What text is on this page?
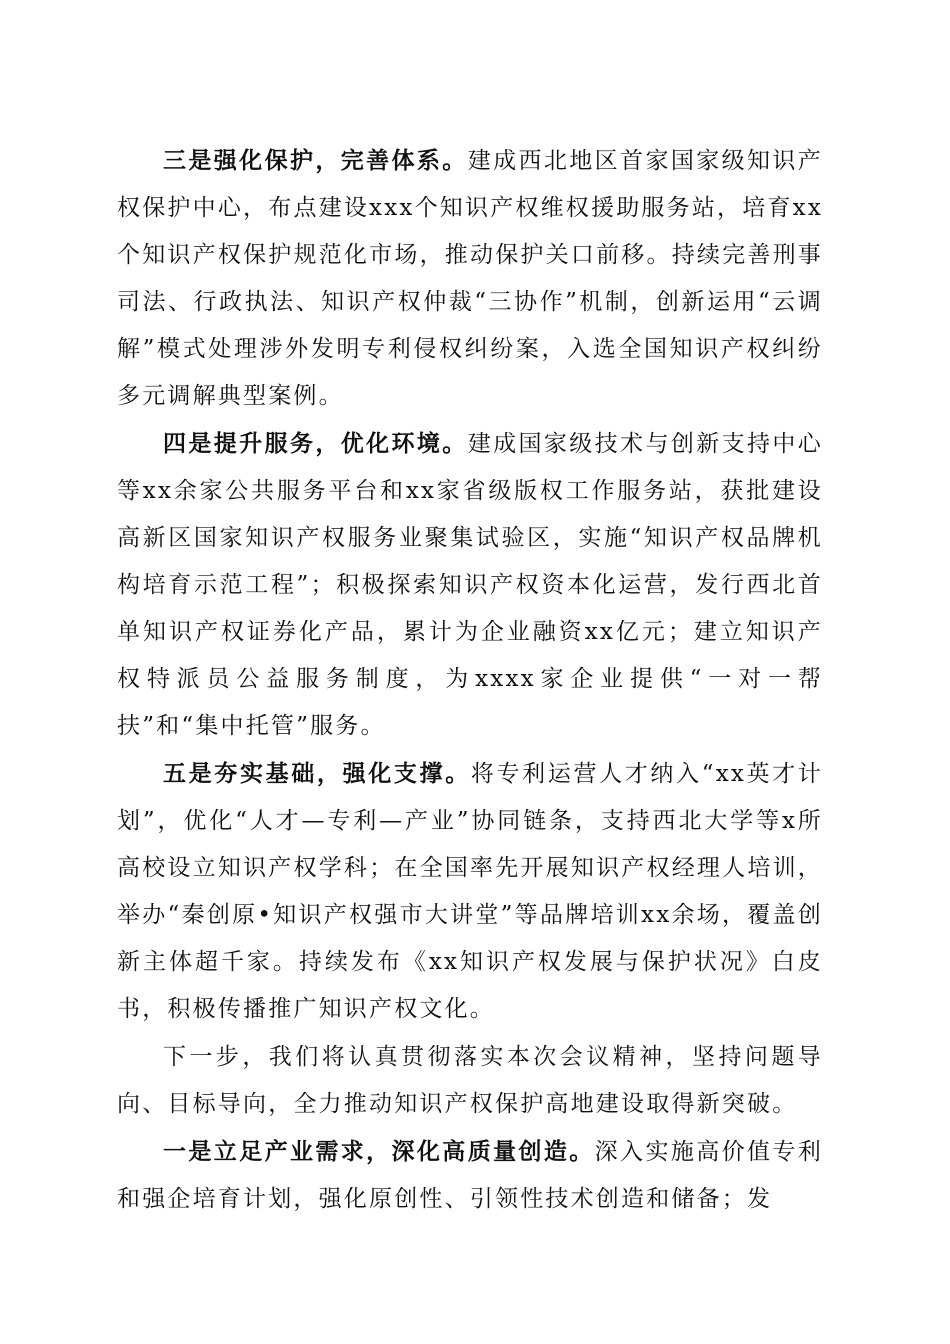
三是强化保护，完善体系。建成西北地区首家国家级知识产权保护中心，布点建设xxx个知识产权维权援助服务站，培育xx个知识产权保护规范化市场，推动保护关口前移。持续完善刑事司法、行政执法、知识产权仲裁“三协作”机制，创新运用“云调解”模式处理涉外发明专利侵权纠纷案，入选全国知识产权纠纷多元调解典型案例。

四是提升服务，优化环境。建成国家级技术与创新支持中心等xx余家公共服务平台和xx家省级版权工作服务站，获批建设高新区国家知识产权服务业聚集试验区，实施“知识产权品牌机构培育示范工程”；积极探索知识产权资本化运营，发行西北首单知识产权证券化产品，累计为企业融资xx亿元；建立知识产权特派员公益服务制度，为xxxx家企业提供“一对一帮扶”和“集中托管”服务。

五是夯实基础，强化支撑。将专利运营人才纳入“xx英才计划”，优化“人才—专利—产业”协同链条，支持西北大学等x所高校设立知识产权学科；在全国率先开展知识产权经理人培训，举办“秦创原•知识产权强市大讲堂”等品牌培训xx余场，覆盖创新主体超千家。持续发布《xx知识产权发展与保护状况》白皮书，积极传播推广知识产权文化。

下一步，我们将认真贯彻落实本次会议精神，坚持问题导向、目标导向，全力推动知识产权保护高地建设取得新突破。

一是立足产业需求，深化高质量创造。深入实施高价值专利和强企培育计划，强化原创性、引领性技术创造和储备；发
